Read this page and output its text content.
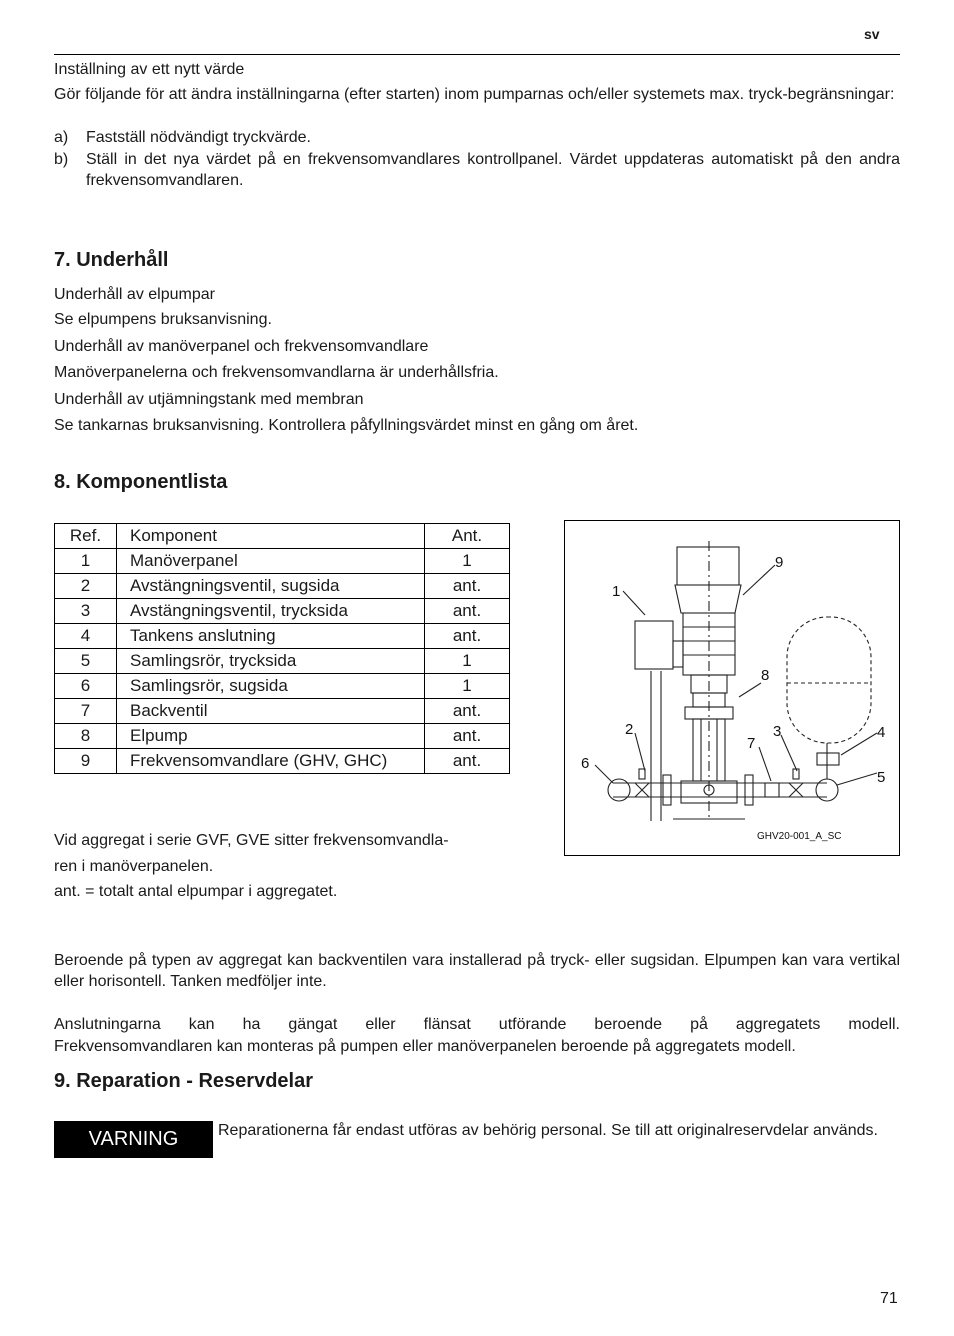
sv
Inställning av ett nytt värde
Gör följande för att ändra inställningarna (efter starten) inom pumparnas och/eller systemets max. tryck-begränsningar:
a) Fastställ nödvändigt tryckvärde.
b) Ställ in det nya värdet på en frekvensomvandlares kontrollpanel. Värdet uppdateras automatiskt på den andra frekvensomvandlaren.
7. Underhåll
Underhåll av elpumpar
Se elpumpens bruksanvisning.
Underhåll av manöverpanel och frekvensomvandlare
Manöverpanelerna och frekvensomvandlarna är underhållsfria.
Underhåll av utjämningstank med membran
Se tankarnas bruksanvisning. Kontrollera påfyllningsvärdet minst en gång om året.
8. Komponentlista
Ref.	Komponent	Ant.
1	Manöverpanel	1
2	Avstängningsventil, sugsida	ant.
3	Avstängningsventil, trycksida	ant.
4	Tankens anslutning	ant.
5	Samlingsrör, trycksida	1
6	Samlingsrör, sugsida	1
7	Backventil	ant.
8	Elpump	ant.
9	Frekvensomvandlare (GHV, GHC)	ant.
1
2	3	4
5
6
7
8
9
GHV20-001_A_SC
Vid aggregat i serie GVF, GVE sitter frekvensomvandla-
ren i manöverpanelen.
ant. = totalt antal elpumpar i aggregatet.
Beroende på typen av aggregat kan backventilen vara installerad på tryck- eller sugsidan. Elpumpen kan vara vertikal eller horisontell. Tanken medföljer inte.
Anslutningarna kan ha gängat eller flänsat utförande beroende på aggregatets modell.
Frekvensomvandlaren kan monteras på pumpen eller manöverpanelen beroende på aggregatets modell.
9. Reparation - Reservdelar
VARNING	Reparationerna får endast utföras av behörig personal. Se till att originalreservdelar används.
71
